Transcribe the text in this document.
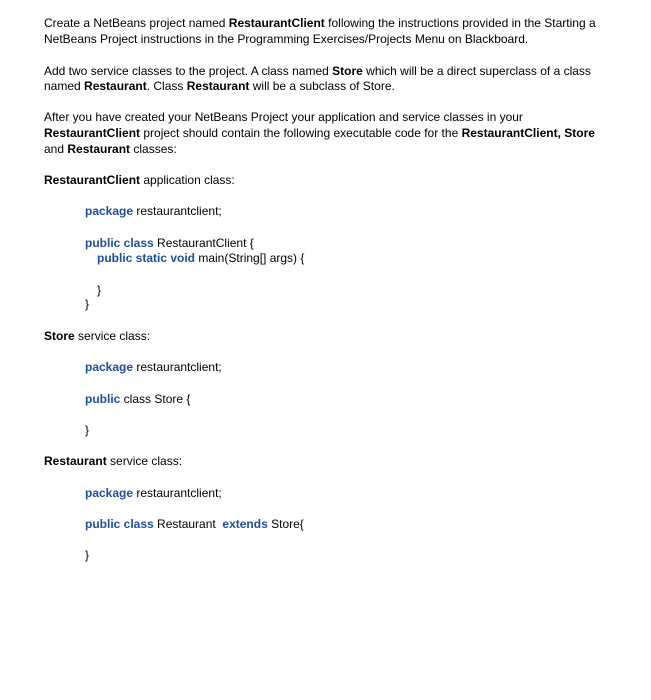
Create a NetBeans project named RestaurantClient following the instructions provided in the Starting a
NetBeans Project instructions in the Programming Exercises/Projects Menu on Blackboard.
Add two service classes to the project. A class named Store which will be a direct superclass of a class
named Restaurant. Class Restaurant will be a subclass of Store.
After you have created your NetBeans Project your application and service classes in your
RestaurantClient project should contain the following executable code for the RestaurantClient, Store
and Restaurant classes:
RestaurantClient application class:
package restaurantclient;
public class RestaurantClient {
public static void main(String[] args) {
}
}
Store service class:
package restaurantclient;
public class Store {
}
Restaurant service class:
package restaurantclient;
public class Restaurant  extends Store{
}
